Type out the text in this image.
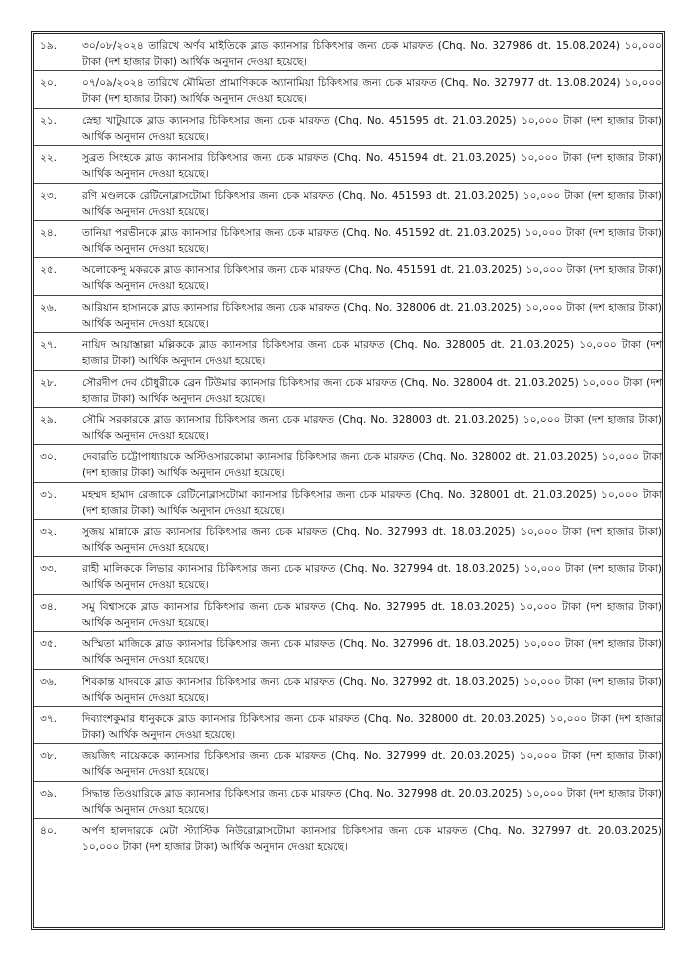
১৯.	৩০/০৮/২০২৪ তারিখে অর্ণব মাইতিকে ব্লাড ক্যানসার চিকিৎসার জন্য চেক মারফত (Chq. No. 327986 dt. 15.08.2024) ১০,০০০ টাকা (দশ হাজার টাকা) আর্থিক অনুদান দেওয়া হয়েছে।
২০.	০৭/০৯/২০২৪ তারিখে মৌমিতা প্রামাণিককে অ্যানামিয়া চিকিৎসার জন্য চেক মারফত (Chq. No. 327977 dt. 13.08.2024) ১০,০০০ টাকা (দশ হাজার টাকা) আর্থিক অনুদান দেওয়া হয়েছে।
২১.	স্নেহা খাটুয়াকে ব্লাড ক্যানসার চিকিৎসার জন্য চেক মারফত (Chq. No. 451595 dt. 21.03.2025) ১০,০০০ টাকা (দশ হাজার টাকা) আর্থিক অনুদান দেওয়া হয়েছে।
২২.	সুব্রত সিংহকে ব্লাড ক্যানসার চিকিৎসার জন্য চেক মারফত (Chq. No. 451594 dt. 21.03.2025) ১০,০০০ টাকা (দশ হাজার টাকা) আর্থিক অনুদান দেওয়া হয়েছে।
২৩.	রণি মণ্ডলকে রেটিনোব্লাসটোমা চিকিৎসার জন্য চেক মারফত (Chq. No. 451593 dt. 21.03.2025) ১০,০০০ টাকা (দশ হাজার টাকা) আর্থিক অনুদান দেওয়া হয়েছে।
২৪.	তানিয়া পরভীনকে ব্লাড ক্যানসার চিকিৎসার জন্য চেক মারফত (Chq. No. 451592 dt. 21.03.2025) ১০,০০০ টাকা (দশ হাজার টাকা) আর্থিক অনুদান দেওয়া হয়েছে।
২৫.	অলোকেন্দু মকরকে ব্লাড ক্যানসার চিকিৎসার জন্য চেক মারফত (Chq. No. 451591 dt. 21.03.2025) ১০,০০০ টাকা (দশ হাজার টাকা) আর্থিক অনুদান দেওয়া হয়েছে।
২৬.	আরিয়ান হাসানকে ব্লাড ক্যানসার চিকিৎসার জন্য চেক মারফত (Chq. No. 328006 dt. 21.03.2025) ১০,০০০ টাকা (দশ হাজার টাকা) আর্থিক অনুদান দেওয়া হয়েছে।
২৭.	নায়িদ আয়াস্তাল্লা মল্লিককে ব্লাড ক্যানসার চিকিৎসার জন্য চেক মারফত (Chq. No. 328005 dt. 21.03.2025) ১০,০০০ টাকা (দশ হাজার টাকা) আর্থিক অনুদান দেওয়া হয়েছে।
২৮.	সৌরদীপ দেব চৌধুরীকে ব্রেন টিউমার ক্যানসার চিকিৎসার জন্য চেক মারফত (Chq. No. 328004 dt. 21.03.2025) ১০,০০০ টাকা (দশ হাজার টাকা) আর্থিক অনুদান দেওয়া হয়েছে।
২৯.	সৌমি সরকারকে ব্লাড ক্যানসার চিকিৎসার জন্য চেক মারফত (Chq. No. 328003 dt. 21.03.2025) ১০,০০০ টাকা (দশ হাজার টাকা) আর্থিক অনুদান দেওয়া হয়েছে।
৩০.	দেবারতি চট্টোপাধ্যায়কে অস্টিওসারকোমা ক্যানসার চিকিৎসার জন্য চেক মারফত (Chq. No. 328002 dt. 21.03.2025) ১০,০০০ টাকা (দশ হাজার টাকা) আর্থিক অনুদান দেওয়া হয়েছে।
৩১.	মহম্মদ হামাদ রেজাকে রেটিনোব্লাসটোমা ক্যানসার চিকিৎসার জন্য চেক মারফত (Chq. No. 328001 dt. 21.03.2025) ১০,০০০ টাকা (দশ হাজার টাকা) আর্থিক অনুদান দেওয়া হয়েছে।
৩২.	সুজয় মান্নাকে ব্লাড ক্যানসার চিকিৎসার জন্য চেক মারফত (Chq. No. 327993 dt. 18.03.2025) ১০,০০০ টাকা (দশ হাজার টাকা) আর্থিক অনুদান দেওয়া হয়েছে।
৩৩.	রাহী মালিককে লিভার ক্যানসার চিকিৎসার জন্য চেক মারফত (Chq. No. 327994 dt. 18.03.2025) ১০,০০০ টাকা (দশ হাজার টাকা) আর্থিক অনুদান দেওয়া হয়েছে।
৩৪.	সমু বিশ্বাসকে ব্লাড ক্যানসার চিকিৎসার জন্য চেক মারফত (Chq. No. 327995 dt. 18.03.2025) ১০,০০০ টাকা (দশ হাজার টাকা) আর্থিক অনুদান দেওয়া হয়েছে।
৩৫.	অস্মিতা মাজিকে ব্লাড ক্যানসার চিকিৎসার জন্য চেক মারফত (Chq. No. 327996 dt. 18.03.2025) ১০,০০০ টাকা (দশ হাজার টাকা) আর্থিক অনুদান দেওয়া হয়েছে।
৩৬.	শিবকান্ত যাদবকে ব্লাড ক্যানসার চিকিৎসার জন্য চেক মারফত (Chq. No. 327992 dt. 18.03.2025) ১০,০০০ টাকা (দশ হাজার টাকা) আর্থিক অনুদান দেওয়া হয়েছে।
৩৭.	দিব্যাংশকুমার ধানুককে ব্লাড ক্যানসার চিকিৎসার জন্য চেক মারফত (Chq. No. 328000 dt. 20.03.2025) ১০,০০০ টাকা (দশ হাজার টাকা) আর্থিক অনুদান দেওয়া হয়েছে।
৩৮.	জয়জিৎ নায়েককে ক্যানসার চিকিৎসার জন্য চেক মারফত (Chq. No. 327999 dt. 20.03.2025) ১০,০০০ টাকা (দশ হাজার টাকা) আর্থিক অনুদান দেওয়া হয়েছে।
৩৯.	সিদ্ধান্ত তিওয়ারিকে ব্লাড ক্যানসার চিকিৎসার জন্য চেক মারফত (Chq. No. 327998 dt. 20.03.2025) ১০,০০০ টাকা (দশ হাজার টাকা) আর্থিক অনুদান দেওয়া হয়েছে।
৪০.	অর্পণ হালদারকে মেটা স্ট্যাস্টিক নিউরোব্লাসটোমা ক্যানসার চিকিৎসার জন্য চেক মারফত (Chq. No. 327997 dt. 20.03.2025) ১০,০০০ টাকা (দশ হাজার টাকা) আর্থিক অনুদান দেওয়া হয়েছে।
